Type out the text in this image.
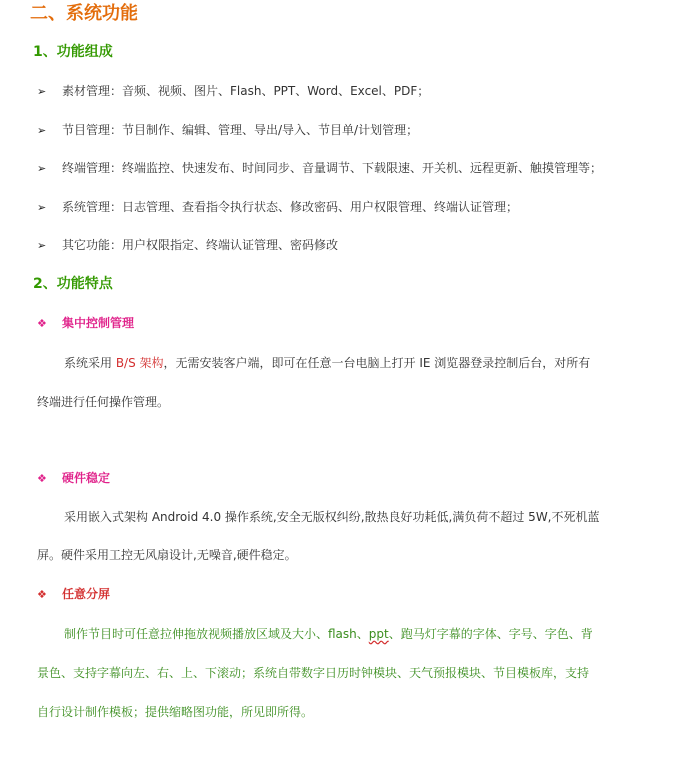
二、系统功能
1、功能组成
➢ 素材管理：音频、视频、图片、Flash、PPT、Word、Excel、PDF；
➢ 节目管理：节目制作、编辑、管理、导出/导入、节目单/计划管理；
➢ 终端管理：终端监控、快速发布、时间同步、音量调节、下载限速、开关机、远程更新、触摸管理等；
➢ 系统管理：日志管理、查看指令执行状态、修改密码、用户权限管理、终端认证管理；
➢ 其它功能：用户权限指定、终端认证管理、密码修改
2、功能特点
❖ 集中控制管理
系统采用 B/S 架构，无需安装客户端，即可在任意一台电脑上打开 IE 浏览器登录控制后台，对所有
终端进行任何操作管理。
❖ 硬件稳定
采用嵌入式架构 Android 4.0 操作系统,安全无版权纠纷,散热良好功耗低,满负荷不超过 5W,不死机蓝
屏。硬件采用工控无风扇设计,无噪音,硬件稳定。
❖ 任意分屏
制作节目时可任意拉伸拖放视频播放区域及大小、flash、ppt、跑马灯字幕的字体、字号、字色、背
景色、支持字幕向左、右、上、下滚动；系统自带数字日历时钟模块、天气预报模块、节目模板库，支持
自行设计制作模板；提供缩略图功能，所见即所得。
